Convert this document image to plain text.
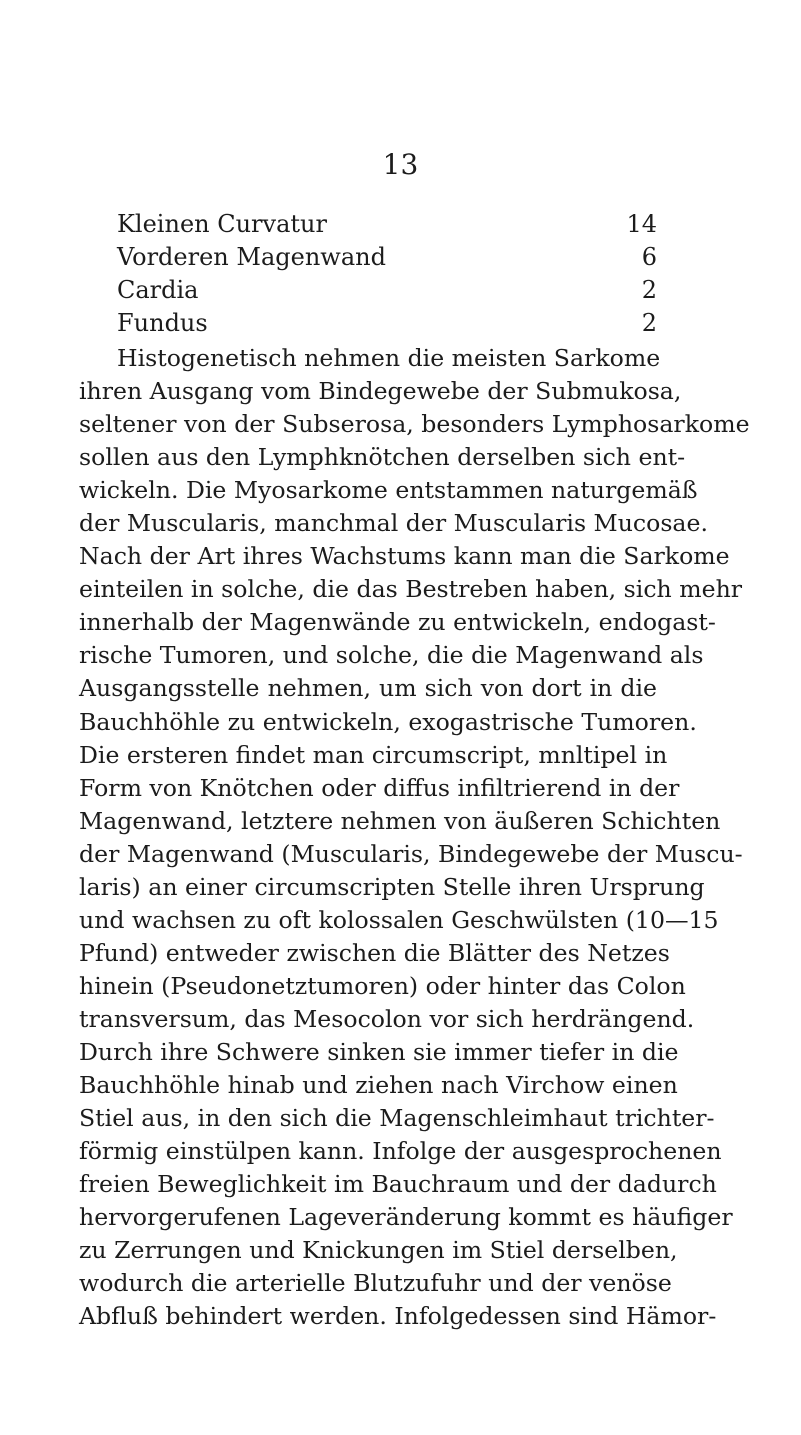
13
Kleinen Curvatur	14
Vorderen Magenwand	6
Cardia	2
Fundus	2
Histogenetisch nehmen die meisten Sarkome
ihren Ausgang vom Bindegewebe der Submukosa,
seltener von der Subserosa, besonders Lymphosarkome
sollen aus den Lymphknötchen derselben sich ent-
wickeln. Die Myosarkome entstammen naturgemäß
der Muscularis, manchmal der Muscularis Mucosae.
Nach der Art ihres Wachstums kann man die Sarkome
einteilen in solche, die das Bestreben haben, sich mehr
innerhalb der Magenwände zu entwickeln, endogast-
rische Tumoren, und solche, die die Magenwand als
Ausgangsstelle nehmen, um sich von dort in die
Bauchhöhle zu entwickeln, exogastrische Tumoren.
Die ersteren findet man circumscript, mnltipel in
Form von Knötchen oder diffus infiltrierend in der
Magenwand, letztere nehmen von äußeren Schichten
der Magenwand (Muscularis, Bindegewebe der Muscu-
laris) an einer circumscripten Stelle ihren Ursprung
und wachsen zu oft kolossalen Geschwülsten (10—15
Pfund) entweder zwischen die Blätter des Netzes
hinein (Pseudonetztumoren) oder hinter das Colon
transversum, das Mesocolon vor sich herdrängend.
Durch ihre Schwere sinken sie immer tiefer in die
Bauchhöhle hinab und ziehen nach Virchow einen
Stiel aus, in den sich die Magenschleimhaut trichter-
förmig einstülpen kann. Infolge der ausgesprochenen
freien Beweglichkeit im Bauchraum und der dadurch
hervorgerufenen Lageveränderung kommt es häufiger
zu Zerrungen und Knickungen im Stiel derselben,
wodurch die arterielle Blutzufuhr und der venöse
Abfluß behindert werden. Infolgedessen sind Hämor-
